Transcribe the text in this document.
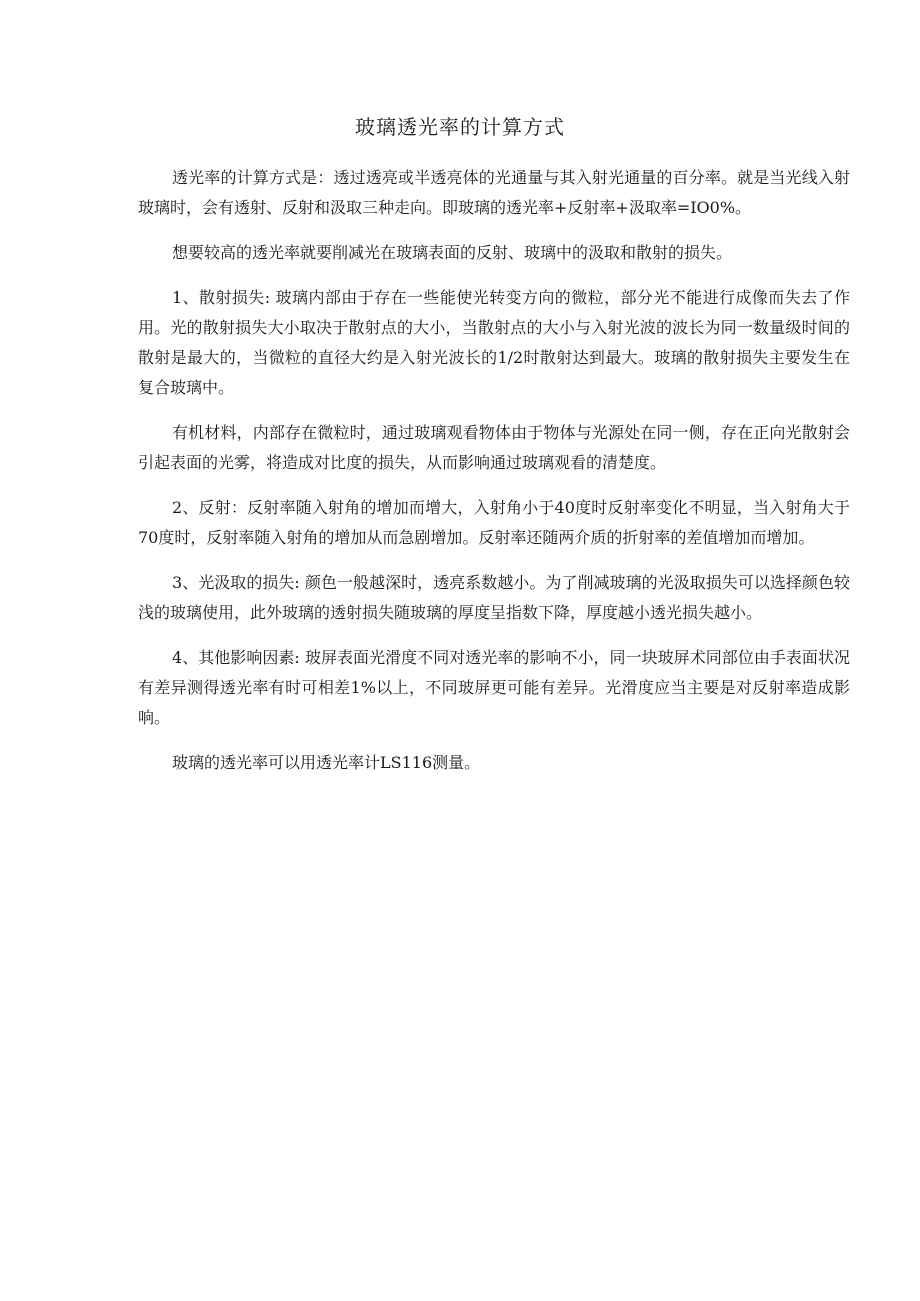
玻璃透光率的计算方式

透光率的计算方式是：透过透亮或半透亮体的光通量与其入射光通量的百分率。就是当光线入射玻璃时，会有透射、反射和汲取三种走向。即玻璃的透光率+反射率+汲取率=IO0%。

想要较高的透光率就要削减光在玻璃表面的反射、玻璃中的汲取和散射的损失。

1、散射损失: 玻璃内部由于存在一些能使光转变方向的微粒，部分光不能进行成像而失去了作用。光的散射损失大小取决于散射点的大小，当散射点的大小与入射光波的波长为同一数量级时间的散射是最大的，当微粒的直径大约是入射光波长的1/2时散射达到最大。玻璃的散射损失主要发生在复合玻璃中。

有机材料，内部存在微粒时，通过玻璃观看物体由于物体与光源处在同一侧，存在正向光散射会引起表面的光雾，将造成对比度的损失，从而影响通过玻璃观看的清楚度。

2、反射：反射率随入射角的增加而增大，入射角小于40度时反射率变化不明显，当入射角大于70度时，反射率随入射角的增加从而急剧增加。反射率还随两介质的折射率的差值增加而增加。

3、光汲取的损失: 颜色一般越深时，透亮系数越小。为了削减玻璃的光汲取损失可以选择颜色较浅的玻璃使用，此外玻璃的透射损失随玻璃的厚度呈指数下降，厚度越小透光损失越小。

4、其他影响因素: 玻屏表面光滑度不同对透光率的影响不小，同一块玻屏术同部位由手表面状况有差异测得透光率有时可相差1%以上，不同玻屏更可能有差异。光滑度应当主要是对反射率造成影响。

玻璃的透光率可以用透光率计LS116测量。
